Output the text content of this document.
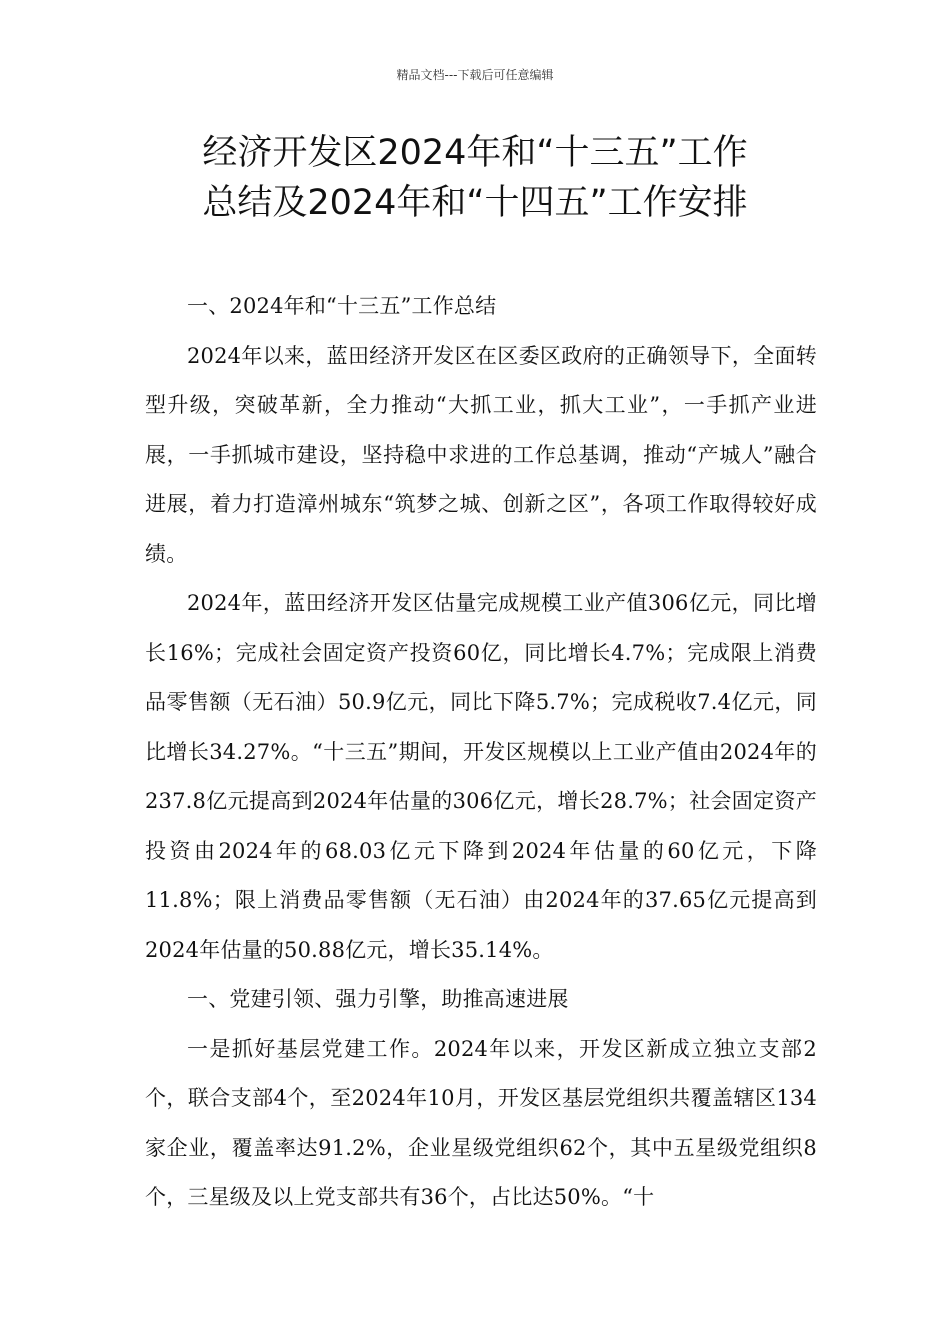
精品文档---下载后可任意编辑
经济开发区2024年和“十三五”工作
总结及2024年和“十四五”工作安排

一、2024年和“十三五”工作总结

2024年以来，蓝田经济开发区在区委区政府的正确领导下，全面转型升级，突破革新，全力推动“大抓工业，抓大工业”，一手抓产业进展，一手抓城市建设，坚持稳中求进的工作总基调，推动“产城人”融合进展，着力打造漳州城东“筑梦之城、创新之区”，各项工作取得较好成绩。

2024年，蓝田经济开发区估量完成规模工业产值306亿元，同比增长16%；完成社会固定资产投资60亿，同比增长4.7%；完成限上消费品零售额（无石油）50.9亿元，同比下降5.7%；完成税收7.4亿元，同比增长34.27%。“十三五”期间，开发区规模以上工业产值由2024年的237.8亿元提高到2024年估量的306亿元，增长28.7%；社会固定资产投资由2024年的68.03亿元下降到2024年估量的60亿元，下降11.8%；限上消费品零售额（无石油）由2024年的37.65亿元提高到2024年估量的50.88亿元，增长35.14%。

一、党建引领、强力引擎，助推高速进展

一是抓好基层党建工作。2024年以来，开发区新成立独立支部2个，联合支部4个，至2024年10月，开发区基层党组织共覆盖辖区134家企业，覆盖率达91.2%，企业星级党组织62个，其中五星级党组织8个，三星级及以上党支部共有36个，占比达50%。“十
